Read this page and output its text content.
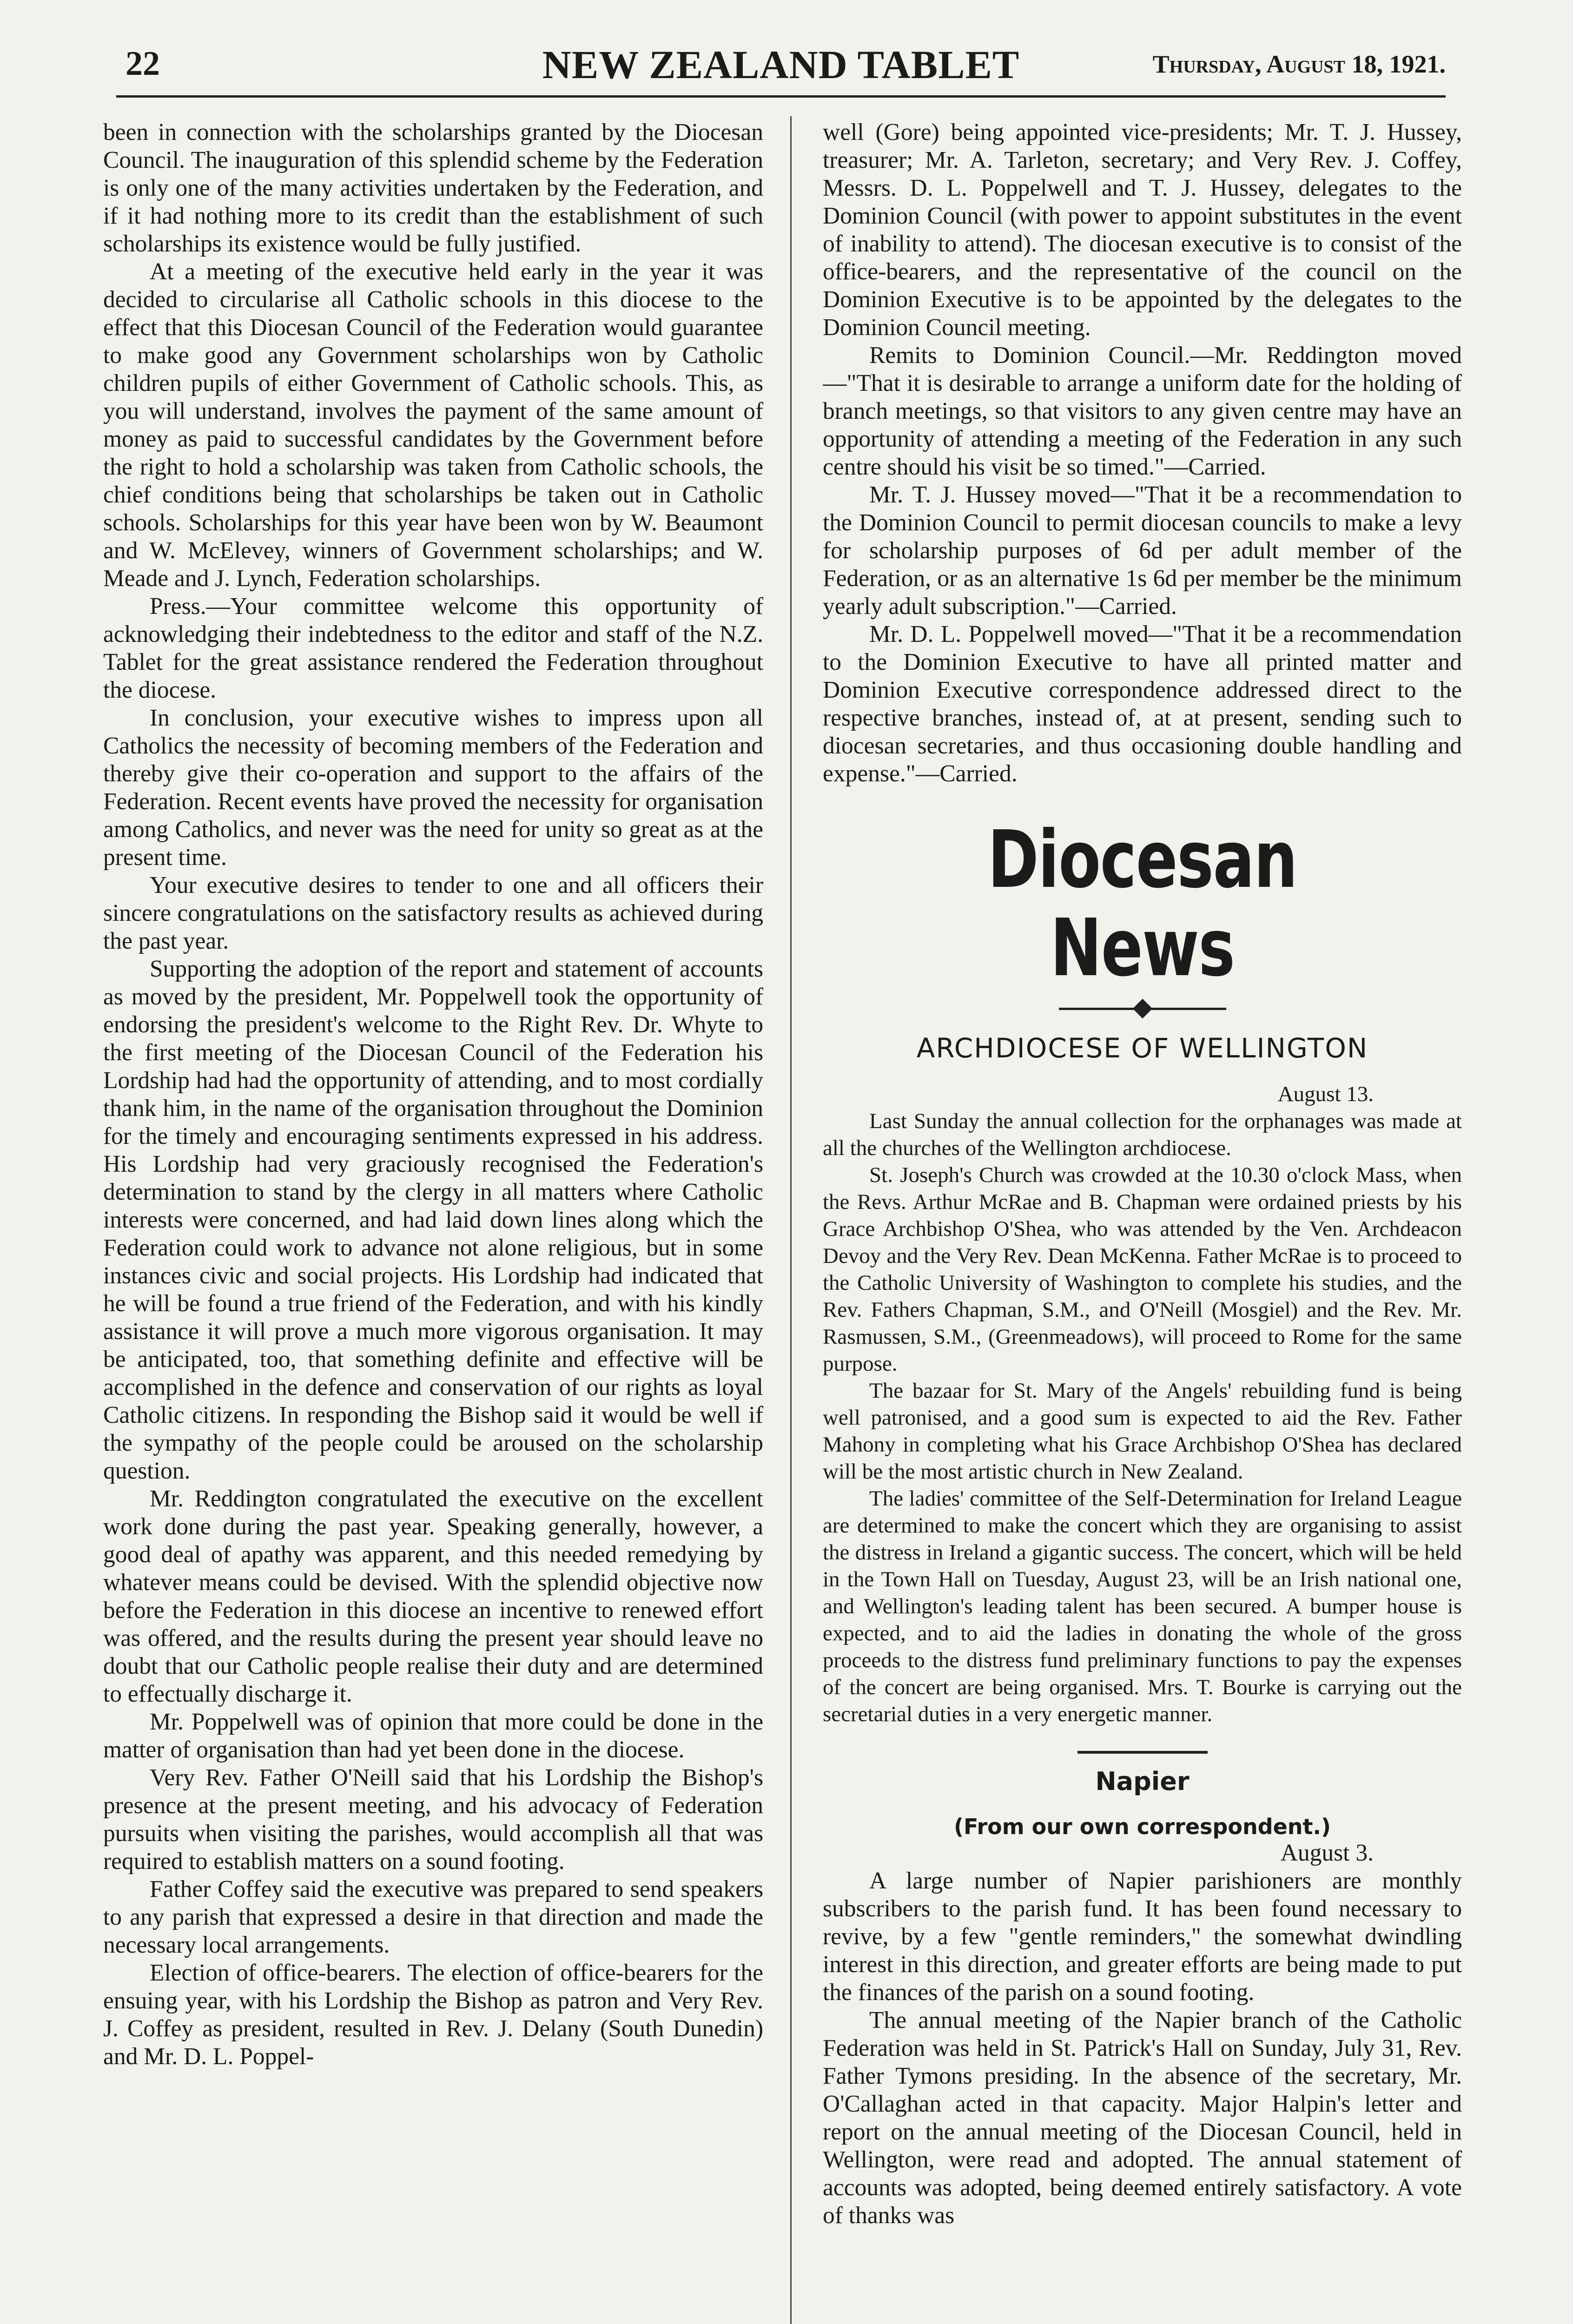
22	NEW ZEALAND TABLET	Thursday, August 18, 1921.

been in connection with the scholarships granted by the Diocesan Council. The inauguration of this splendid scheme by the Federation is only one of the many activities undertaken by the Federation, and if it had nothing more to its credit than the establishment of such scholarships its existence would be fully justified.

At a meeting of the executive held early in the year it was decided to circularise all Catholic schools in this diocese to the effect that this Diocesan Council of the Federation would guarantee to make good any Government scholarships won by Catholic children pupils of either Government of Catholic schools. This, as you will understand, involves the payment of the same amount of money as paid to successful candidates by the Government before the right to hold a scholarship was taken from Catholic schools, the chief conditions being that scholarships be taken out in Catholic schools. Scholarships for this year have been won by W. Beaumont and W. McElevey, winners of Government scholarships; and W. Meade and J. Lynch, Federation scholarships.

Press.—Your committee welcome this opportunity of acknowledging their indebtedness to the editor and staff of the N.Z. Tablet for the great assistance rendered the Federation throughout the diocese.

In conclusion, your executive wishes to impress upon all Catholics the necessity of becoming members of the Federation and thereby give their co-operation and support to the affairs of the Federation. Recent events have proved the necessity for organisation among Catholics, and never was the need for unity so great as at the present time.

Your executive desires to tender to one and all officers their sincere congratulations on the satisfactory results as achieved during the past year.

Supporting the adoption of the report and statement of accounts as moved by the president, Mr. Poppelwell took the opportunity of endorsing the president's welcome to the Right Rev. Dr. Whyte to the first meeting of the Diocesan Council of the Federation his Lordship had had the opportunity of attending, and to most cordially thank him, in the name of the organisation throughout the Dominion for the timely and encouraging sentiments expressed in his address. His Lordship had very graciously recognised the Federation's determination to stand by the clergy in all matters where Catholic interests were concerned, and had laid down lines along which the Federation could work to advance not alone religious, but in some instances civic and social projects. His Lordship had indicated that he will be found a true friend of the Federation, and with his kindly assistance it will prove a much more vigorous organisation. It may be anticipated, too, that something definite and effective will be accomplished in the defence and conservation of our rights as loyal Catholic citizens. In responding the Bishop said it would be well if the sympathy of the people could be aroused on the scholarship question.

Mr. Reddington congratulated the executive on the excellent work done during the past year. Speaking generally, however, a good deal of apathy was apparent, and this needed remedying by whatever means could be devised. With the splendid objective now before the Federation in this diocese an incentive to renewed effort was offered, and the results during the present year should leave no doubt that our Catholic people realise their duty and are determined to effectually discharge it.

Mr. Poppelwell was of opinion that more could be done in the matter of organisation than had yet been done in the diocese.

Very Rev. Father O'Neill said that his Lordship the Bishop's presence at the present meeting, and his advocacy of Federation pursuits when visiting the parishes, would accomplish all that was required to establish matters on a sound footing.

Father Coffey said the executive was prepared to send speakers to any parish that expressed a desire in that direction and made the necessary local arrangements.

Election of office-bearers. The election of office-bearers for the ensuing year, with his Lordship the Bishop as patron and Very Rev. J. Coffey as president, resulted in Rev. J. Delany (South Dunedin) and Mr. D. L. Poppel-

well (Gore) being appointed vice-presidents; Mr. T. J. Hussey, treasurer; Mr. A. Tarleton, secretary; and Very Rev. J. Coffey, Messrs. D. L. Poppelwell and T. J. Hussey, delegates to the Dominion Council (with power to appoint substitutes in the event of inability to attend). The diocesan executive is to consist of the office-bearers, and the representative of the council on the Dominion Executive is to be appointed by the delegates to the Dominion Council meeting.

Remits to Dominion Council.—Mr. Reddington moved —"That it is desirable to arrange a uniform date for the holding of branch meetings, so that visitors to any given centre may have an opportunity of attending a meeting of the Federation in any such centre should his visit be so timed."—Carried.

Mr. T. J. Hussey moved—"That it be a recommendation to the Dominion Council to permit diocesan councils to make a levy for scholarship purposes of 6d per adult member of the Federation, or as an alternative 1s 6d per member be the minimum yearly adult subscription."—Carried.

Mr. D. L. Poppelwell moved—"That it be a recommendation to the Dominion Executive to have all printed matter and Dominion Executive correspondence addressed direct to the respective branches, instead of, at at present, sending such to diocesan secretaries, and thus occasioning double handling and expense."—Carried.

Diocesan News
ARCHDIOCESE OF WELLINGTON

August 13.

Last Sunday the annual collection for the orphanages was made at all the churches of the Wellington archdiocese.

St. Joseph's Church was crowded at the 10.30 o'clock Mass, when the Revs. Arthur McRae and B. Chapman were ordained priests by his Grace Archbishop O'Shea, who was attended by the Ven. Archdeacon Devoy and the Very Rev. Dean McKenna. Father McRae is to proceed to the Catholic University of Washington to complete his studies, and the Rev. Fathers Chapman, S.M., and O'Neill (Mosgiel) and the Rev. Mr. Rasmussen, S.M., (Greenmeadows), will proceed to Rome for the same purpose.

The bazaar for St. Mary of the Angels' rebuilding fund is being well patronised, and a good sum is expected to aid the Rev. Father Mahony in completing what his Grace Archbishop O'Shea has declared will be the most artistic church in New Zealand.

The ladies' committee of the Self-Determination for Ireland League are determined to make the concert which they are organising to assist the distress in Ireland a gigantic success. The concert, which will be held in the Town Hall on Tuesday, August 23, will be an Irish national one, and Wellington's leading talent has been secured. A bumper house is expected, and to aid the ladies in donating the whole of the gross proceeds to the distress fund preliminary functions to pay the expenses of the concert are being organised. Mrs. T. Bourke is carrying out the secretarial duties in a very energetic manner.

Napier
(From our own correspondent.)

August 3.

A large number of Napier parishioners are monthly subscribers to the parish fund. It has been found necessary to revive, by a few "gentle reminders," the somewhat dwindling interest in this direction, and greater efforts are being made to put the finances of the parish on a sound footing.

The annual meeting of the Napier branch of the Catholic Federation was held in St. Patrick's Hall on Sunday, July 31, Rev. Father Tymons presiding. In the absence of the secretary, Mr. O'Callaghan acted in that capacity. Major Halpin's letter and report on the annual meeting of the Diocesan Council, held in Wellington, were read and adopted. The annual statement of accounts was adopted, being deemed entirely satisfactory. A vote of thanks was
